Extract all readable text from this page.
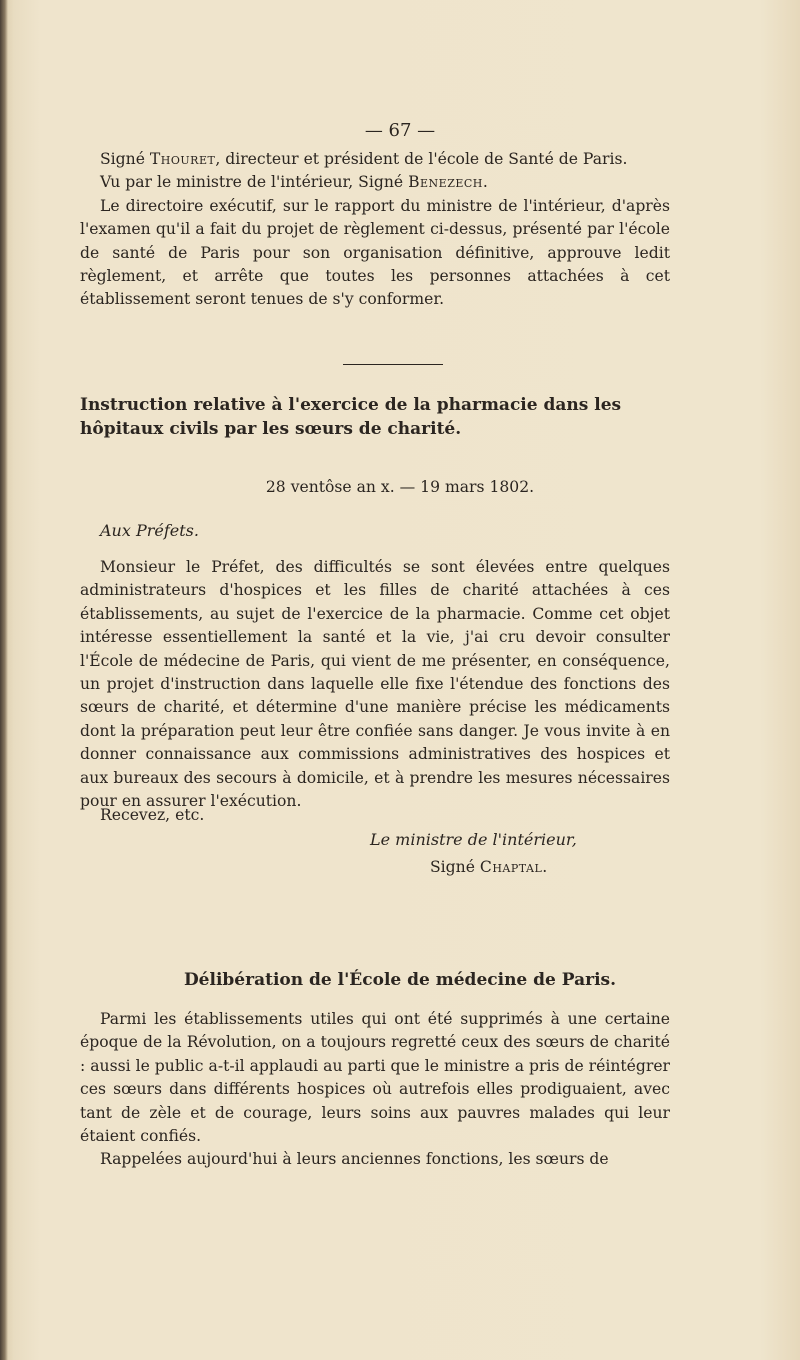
— 67 —

Signé Thouret, directeur et président de l'école de Santé de Paris.

Vu par le ministre de l'intérieur, Signé Benezech.

Le directoire exécutif, sur le rapport du ministre de l'intérieur, d'après l'examen qu'il a fait du projet de règlement ci-dessus, présenté par l'école de santé de Paris pour son organisation définitive, approuve ledit règlement, et arrête que toutes les personnes attachées à cet établissement seront tenues de s'y conformer.

Instruction relative à l'exercice de la pharmacie dans les
hôpitaux civils par les sœurs de charité.
28 ventôse an x. — 19 mars 1802.
Aux Préfets.

Monsieur le Préfet, des difficultés se sont élevées entre quelques administrateurs d'hospices et les filles de charité attachées à ces établissements, au sujet de l'exercice de la pharmacie. Comme cet objet intéresse essentiellement la santé et la vie, j'ai cru devoir consulter l'École de médecine de Paris, qui vient de me présenter, en conséquence, un projet d'instruction dans laquelle elle fixe l'étendue des fonctions des sœurs de charité, et détermine d'une manière précise les médicaments dont la préparation peut leur être confiée sans danger. Je vous invite à en donner connaissance aux commissions administratives des hospices et aux bureaux des secours à domicile, et à prendre les mesures nécessaires pour en assurer l'exécution.

Recevez, etc.
Le ministre de l'intérieur,
Signé Chaptal.
Délibération de l'École de médecine de Paris.

Parmi les établissements utiles qui ont été supprimés à une certaine époque de la Révolution, on a toujours regretté ceux des sœurs de charité : aussi le public a-t-il applaudi au parti que le ministre a pris de réintégrer ces sœurs dans différents hospices où autrefois elles prodiguaient, avec tant de zèle et de courage, leurs soins aux pauvres malades qui leur étaient confiés.

Rappelées aujourd'hui à leurs anciennes fonctions, les sœurs de
